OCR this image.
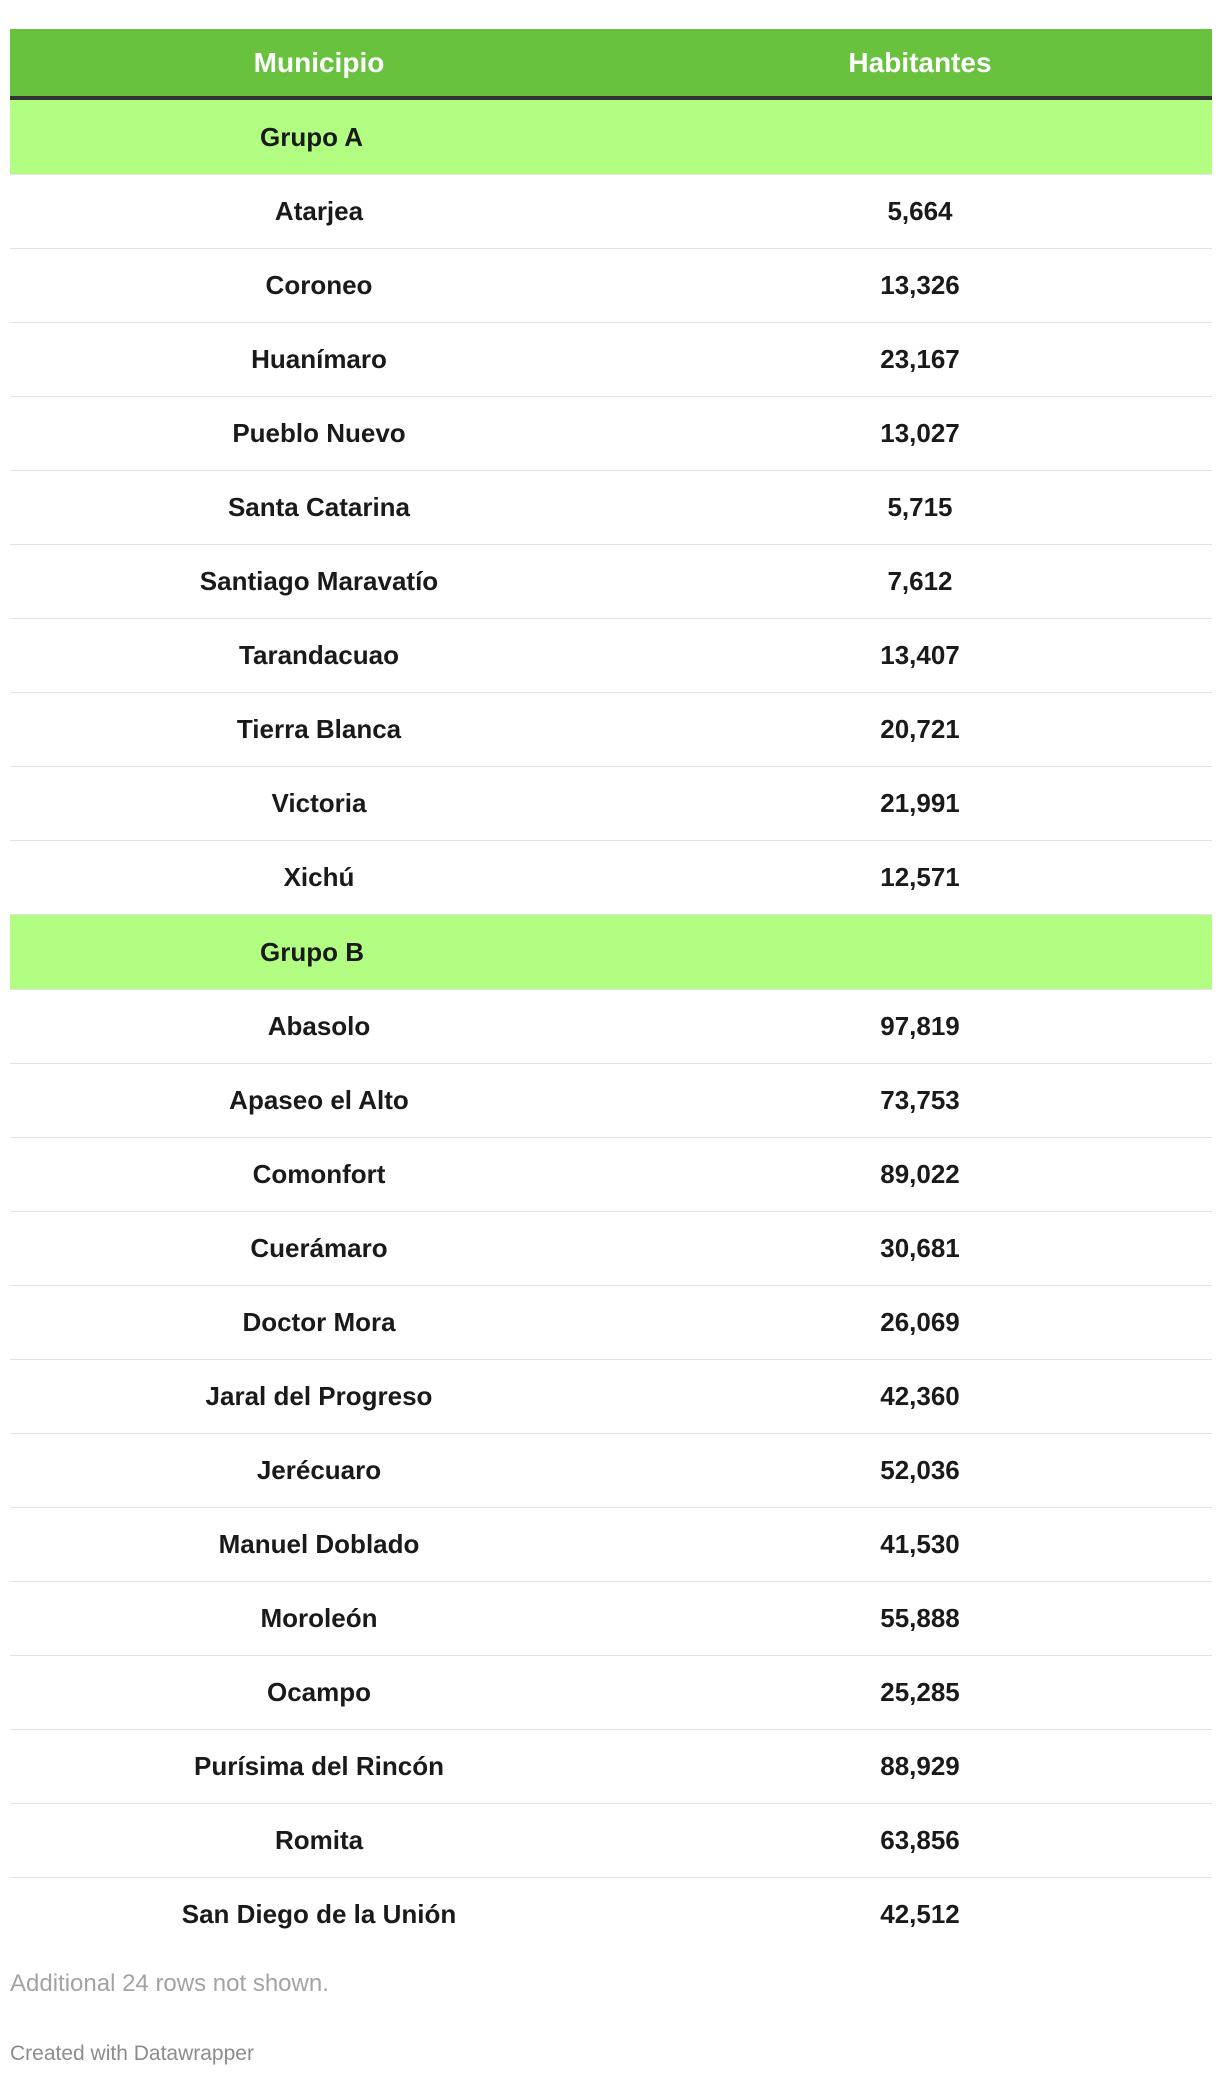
Municipio	Habitantes
Grupo A	
Atarjea	5,664
Coroneo	13,326
Huanímaro	23,167
Pueblo Nuevo	13,027
Santa Catarina	5,715
Santiago Maravatío	7,612
Tarandacuao	13,407
Tierra Blanca	20,721
Victoria	21,991
Xichú	12,571
Grupo B	
Abasolo	97,819
Apaseo el Alto	73,753
Comonfort	89,022
Cuerámaro	30,681
Doctor Mora	26,069
Jaral del Progreso	42,360
Jerécuaro	52,036
Manuel Doblado	41,530
Moroleón	55,888
Ocampo	25,285
Purísima del Rincón	88,929
Romita	63,856
San Diego de la Unión	42,512
Additional 24 rows not shown.
Created with Datawrapper
